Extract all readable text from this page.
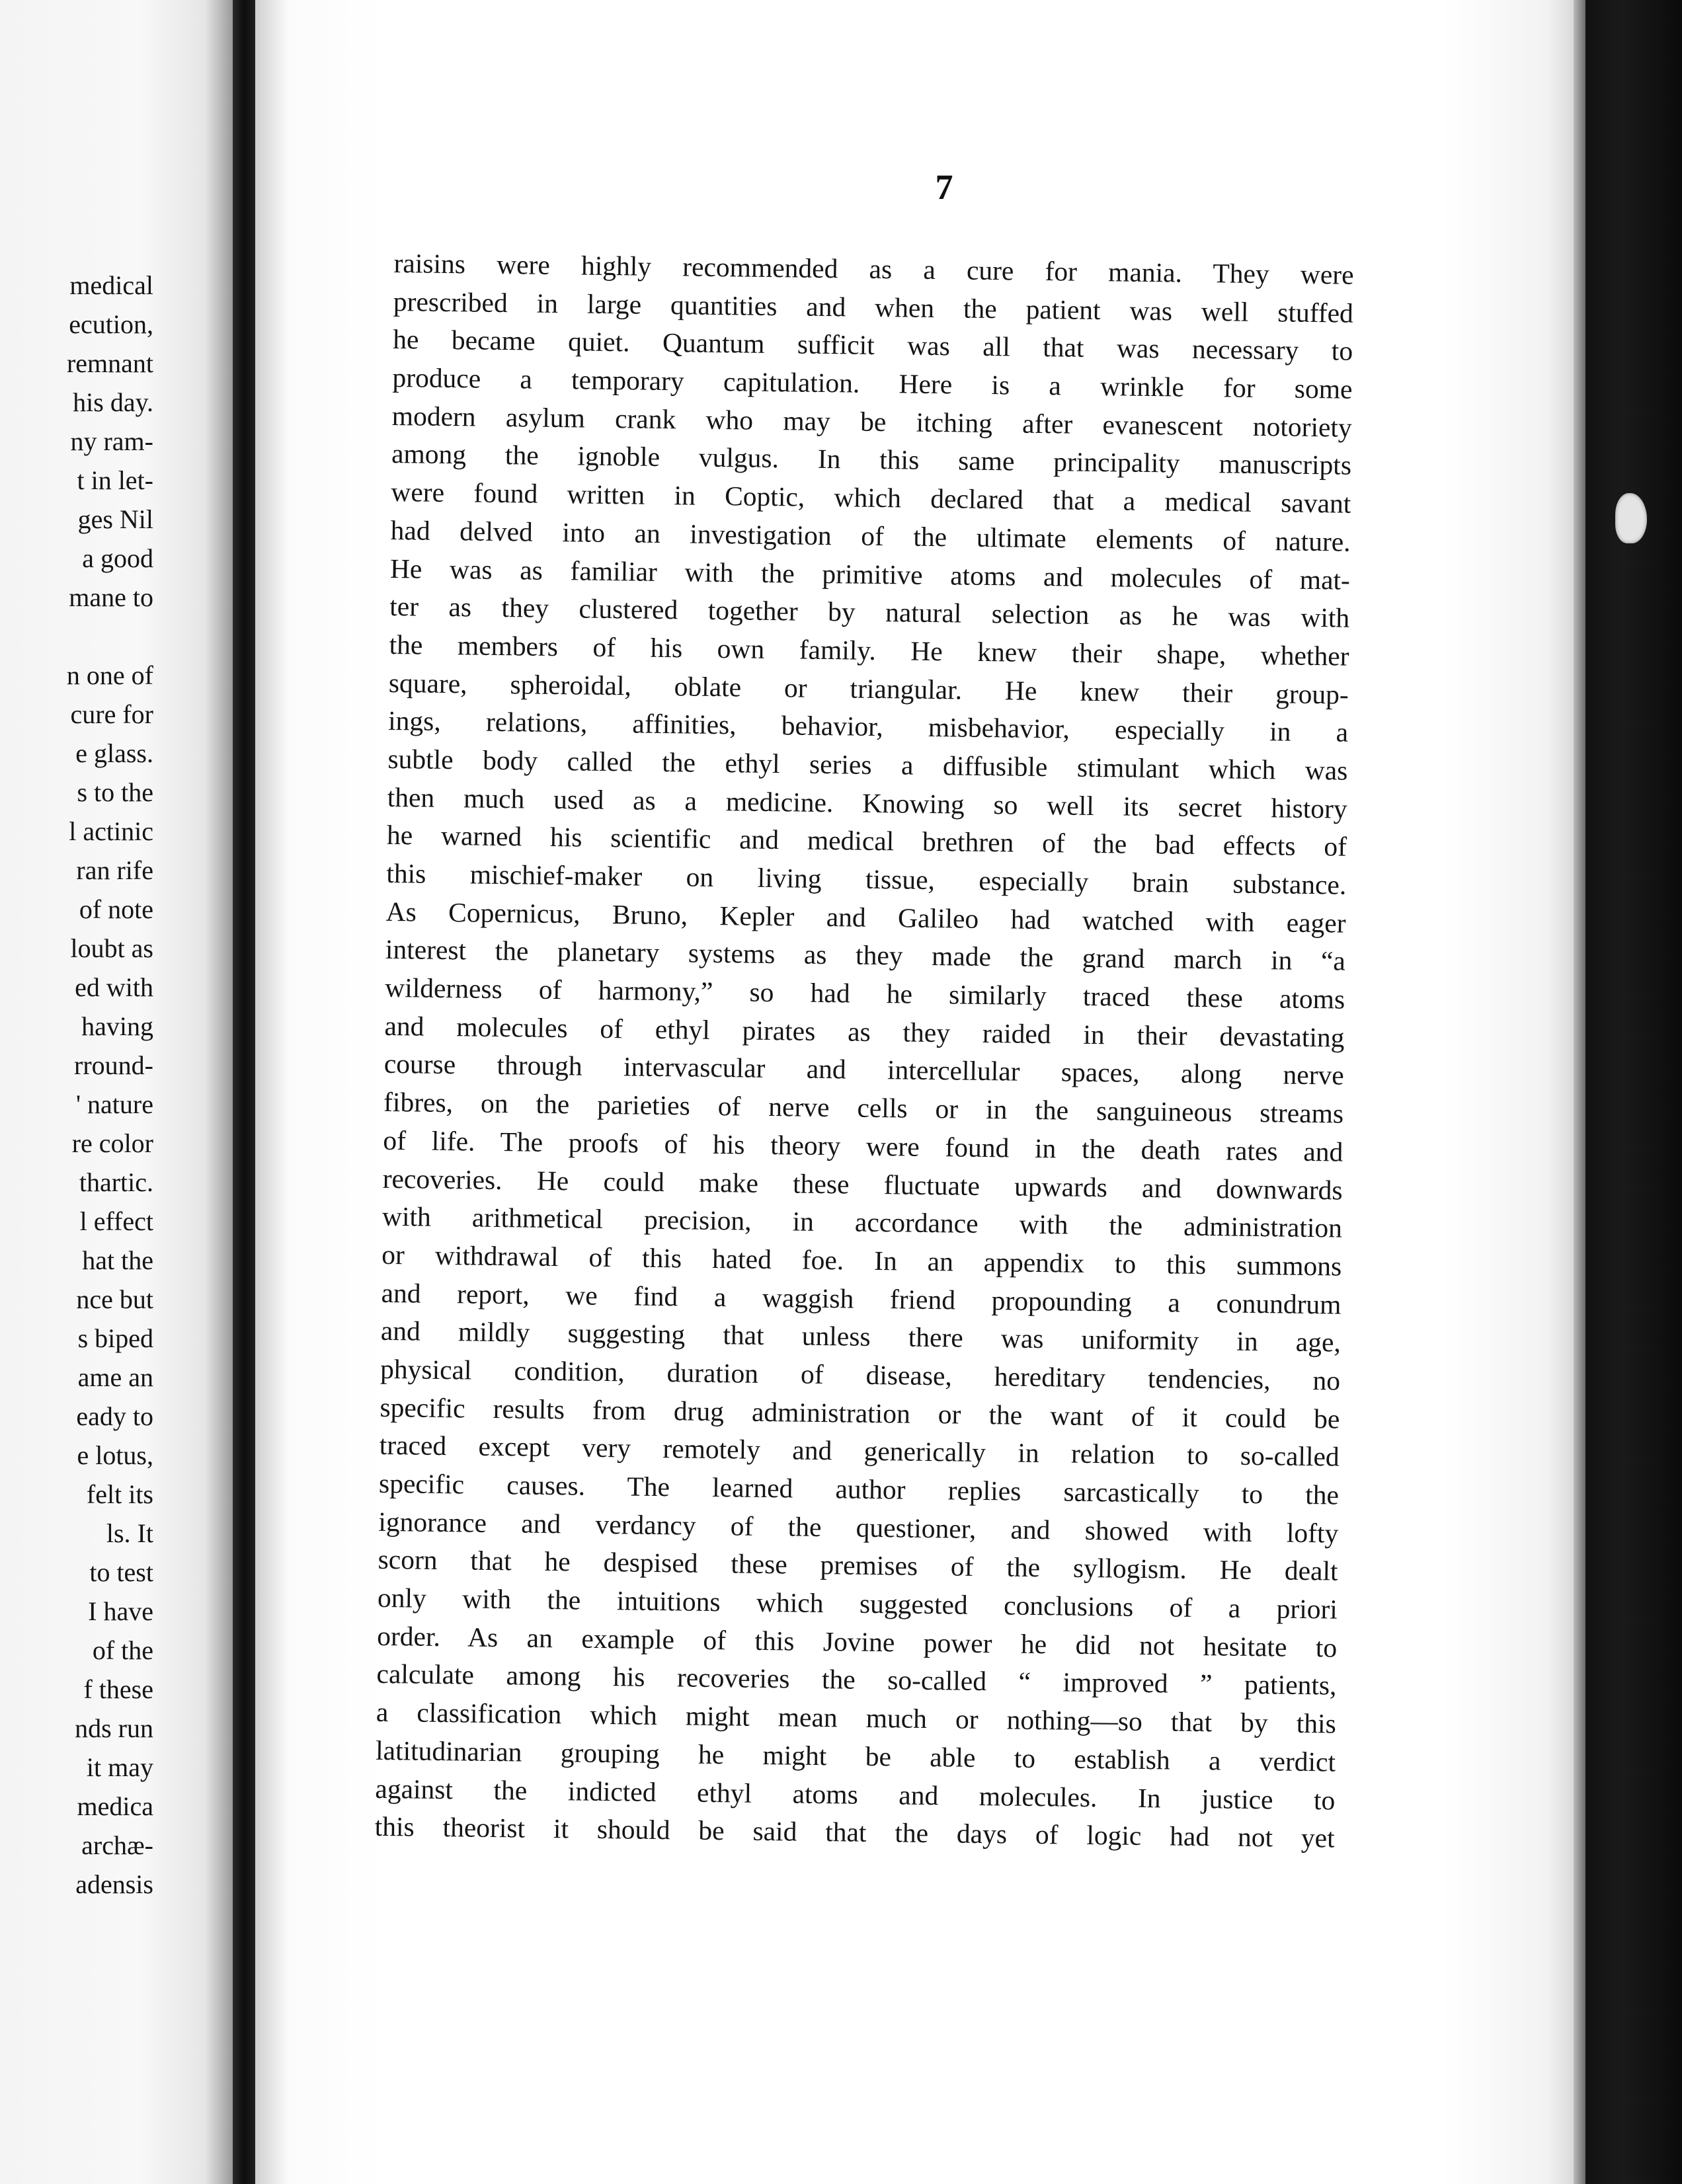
medical
ecution,
remnant
his day.
ny ram-
t in let-
ges Nil
a good
mane to
n one of
cure for
e glass.
s to the
l actinic
ran rife
of note
loubt as
ed with
having
rround-
' nature
re color
thartic.
l effect
hat the
nce but
s biped
ame an
eady to
e lotus,
felt its
ls. It
to test
I have
of the
f these
nds run
it may
medica
archæ-
adensis
7
raisins were highly recommended as a cure for mania. They were
prescribed in large quantities and when the patient was well stuffed
he became quiet. Quantum sufficit was all that was necessary to
produce a temporary capitulation. Here is a wrinkle for some
modern asylum crank who may be itching after evanescent notoriety
among the ignoble vulgus. In this same principality manuscripts
were found written in Coptic, which declared that a medical savant
had delved into an investigation of the ultimate elements of nature.
He was as familiar with the primitive atoms and molecules of mat-
ter as they clustered together by natural selection as he was with
the members of his own family. He knew their shape, whether
square, spheroidal, oblate or triangular. He knew their group-
ings, relations, affinities, behavior, misbehavior, especially in a
subtle body called the ethyl series a diffusible stimulant which was
then much used as a medicine. Knowing so well its secret history
he warned his scientific and medical brethren of the bad effects of
this mischief-maker on living tissue, especially brain substance.
As Copernicus, Bruno, Kepler and Galileo had watched with eager
interest the planetary systems as they made the grand march in “a
wilderness of harmony,” so had he similarly traced these atoms
and molecules of ethyl pirates as they raided in their devastating
course through intervascular and intercellular spaces, along nerve
fibres, on the parieties of nerve cells or in the sanguineous streams
of life. The proofs of his theory were found in the death rates and
recoveries. He could make these fluctuate upwards and downwards
with arithmetical precision, in accordance with the administration
or withdrawal of this hated foe. In an appendix to this summons
and report, we find a waggish friend propounding a conundrum
and mildly suggesting that unless there was uniformity in age,
physical condition, duration of disease, hereditary tendencies, no
specific results from drug administration or the want of it could be
traced except very remotely and generically in relation to so-called
specific causes. The learned author replies sarcastically to the
ignorance and verdancy of the questioner, and showed with lofty
scorn that he despised these premises of the syllogism. He dealt
only with the intuitions which suggested conclusions of a priori
order. As an example of this Jovine power he did not hesitate to
calculate among his recoveries the so-called “ improved ” patients,
a classification which might mean much or nothing—so that by this
latitudinarian grouping he might be able to establish a verdict
against the indicted ethyl atoms and molecules. In justice to
this theorist it should be said that the days of logic had not yet
